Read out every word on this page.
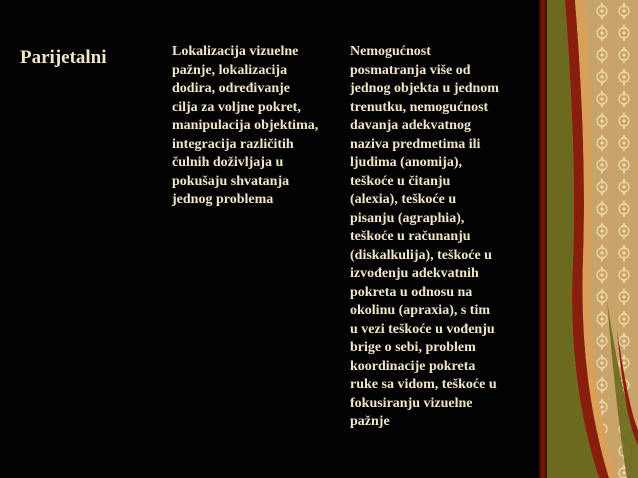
Parijetalni	Lokalizacija vizuelne
pažnje, lokalizacija
dodira, određivanje
cilja za voljne pokret,
manipulacija objektima,
integracija različitih
čulnih doživljaja u
pokušaju shvatanja
jednog problema

Nemogućnost
posmatranja više od
jednog objekta u jednom
trenutku, nemogućnost
davanja adekvatnog
naziva predmetima ili
ljudima (anomija),
teškoće u čitanju
(alexia), teškoće u
pisanju (agraphia),
teškoće u računanju
(diskalkulija), teškoće u
izvođenju adekvatnih
pokreta u odnosu na
okolinu (apraxia), s tim
u vezi teškoće u vođenju
brige o sebi, problem
koordinacije pokreta
ruke sa vidom, teškoće u
fokusiranju vizuelne
pažnje
